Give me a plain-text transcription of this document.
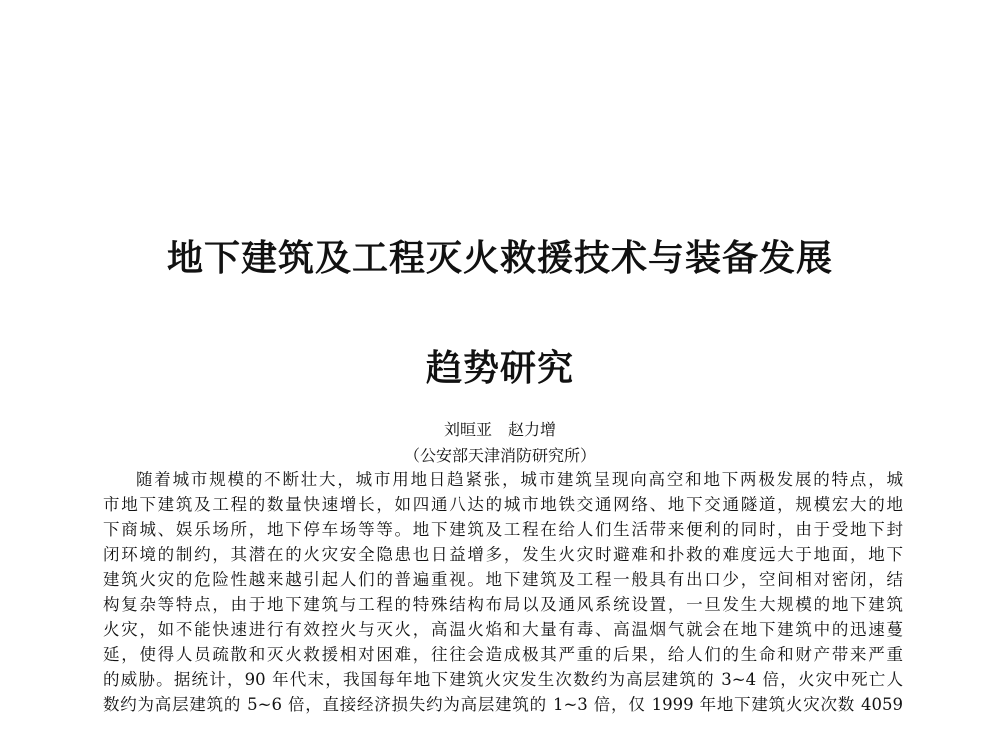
地下建筑及工程灭火救援技术与装备发展
趋势研究
刘晅亚　赵力增
（公安部天津消防研究所）
随着城市规模的不断壮大，城市用地日趋紧张，城市建筑呈现向高空和地下两极发展的特点，城
市地下建筑及工程的数量快速增长，如四通八达的城市地铁交通网络、地下交通隧道，规模宏大的地
下商城、娱乐场所，地下停车场等等。地下建筑及工程在给人们生活带来便利的同时，由于受地下封
闭环境的制约，其潜在的火灾安全隐患也日益增多，发生火灾时避难和扑救的难度远大于地面，地下
建筑火灾的危险性越来越引起人们的普遍重视。地下建筑及工程一般具有出口少，空间相对密闭，结
构复杂等特点，由于地下建筑与工程的特殊结构布局以及通风系统设置，一旦发生大规模的地下建筑
火灾，如不能快速进行有效控火与灭火，高温火焰和大量有毒、高温烟气就会在地下建筑中的迅速蔓
延，使得人员疏散和灭火救援相对困难，往往会造成极其严重的后果，给人们的生命和财产带来严重
的威胁。据统计，90 年代末，我国每年地下建筑火灾发生次数约为高层建筑的 3~4 倍，火灾中死亡人
数约为高层建筑的 5~6 倍，直接经济损失约为高层建筑的 1~3 倍，仅 1999 年地下建筑火灾次数 4059
